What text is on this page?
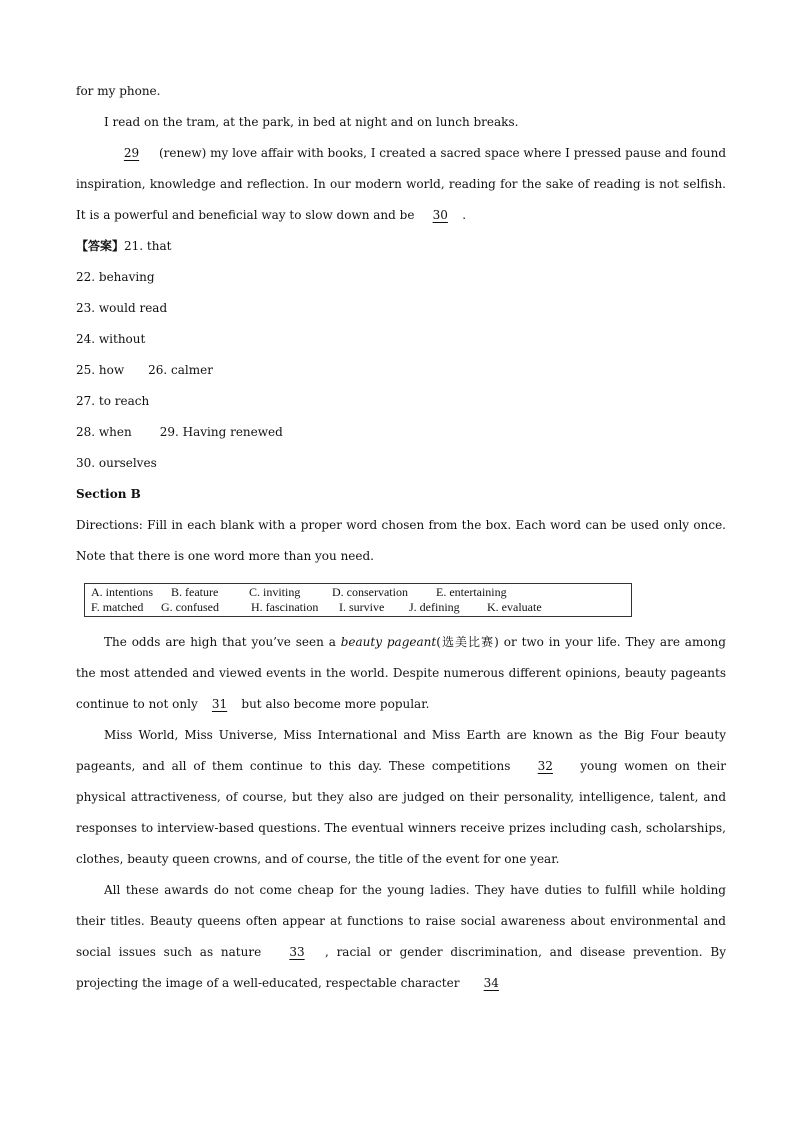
for my phone.

I read on the tram, at the park, in bed at night and on lunch breaks.

29 (renew) my love affair with books, I created a sacred space where I pressed pause and found inspiration, knowledge and reflection. In our modern world, reading for the sake of reading is not selfish. It is a powerful and beneficial way to slow down and be 30 .

【答案】21. that

22. behaving

23. would read

24. without

25. how 26. calmer

27. to reach

28. when 29. Having renewed

30. ourselves

Section B

Directions: Fill in each blank with a proper word chosen from the box. Each word can be used only once. Note that there is one word more than you need.

A. intentions	B. feature	C. inviting	D. conservation	E. entertaining
F. matched	G. confused	H. fascination	I. survive	J. defining	K. evaluate

The odds are high that you’ve seen a beauty pageant(选美比赛) or two in your life. They are among the most attended and viewed events in the world. Despite numerous different opinions, beauty pageants continue to not only 31 but also become more popular.

Miss World, Miss Universe, Miss International and Miss Earth are known as the Big Four beauty pageants, and all of them continue to this day. These competitions 32 young women on their physical attractiveness, of course, but they also are judged on their personality, intelligence, talent, and responses to interview-based questions. The eventual winners receive prizes including cash, scholarships, clothes, beauty queen crowns, and of course, the title of the event for one year.

All these awards do not come cheap for the young ladies. They have duties to fulfill while holding their titles. Beauty queens often appear at functions to raise social awareness about environmental and social issues such as nature 33 , racial or gender discrimination, and disease prevention. By projecting the image of a well-educated, respectable character 34
